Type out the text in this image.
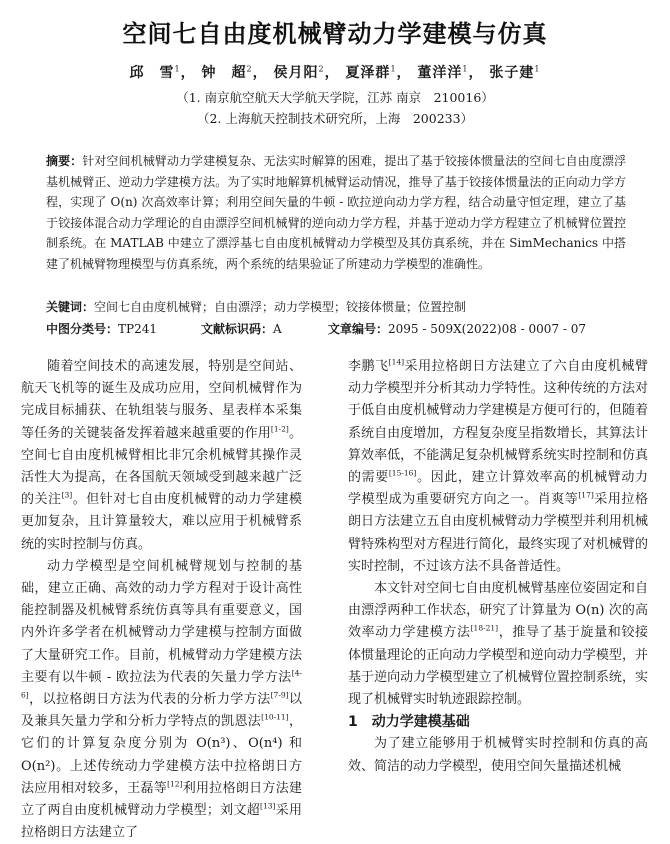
空间七自由度机械臂动力学建模与仿真
邱　雪$^1$， 钟　超$^2$， 侯月阳$^2$， 夏泽群$^1$， 董洋洋$^1$， 张子建$^1$
（1. 南京航空航天大学航天学院，江苏 南京　210016）
（2. 上海航天控制技术研究所，上海　200233）
摘要：针对空间机械臂动力学建模复杂、无法实时解算的困难，提出了基于铰接体惯量法的空间七自由度漂浮基机械臂正、逆动力学建模方法。为了实时地解算机械臂运动情况，推导了基于铰接体惯量法的正向动力学方程，实现了 O(n) 次高效率计算；利用空间矢量的牛顿 - 欧拉逆向动力学方程，结合动量守恒定理，建立了基于铰接体混合动力学理论的自由漂浮空间机械臂的逆向动力学方程，并基于逆动力学方程建立了机械臂位置控制系统。在 MATLAB 中建立了漂浮基七自由度机械臂动力学模型及其仿真系统，并在 SimMechanics 中搭建了机械臂物理模型与仿真系统，两个系统的结果验证了所建动力学模型的准确性。
关键词：空间七自由度机械臂；自由漂浮；动力学模型；铰接体惯量；位置控制
中图分类号：TP241	文献标识码：A	文章编号：2095 - 509X(2022)08 - 0007 - 07

随着空间技术的高速发展，特别是空间站、航天飞机等的诞生及成功应用，空间机械臂作为完成目标捕获、在轨组装与服务、星表样本采集等任务的关键装备发挥着越来越重要的作用[1-2]。空间七自由度机械臂相比非冗余机械臂其操作灵活性大为提高，在各国航天领域受到越来越广泛的关注[3]。但针对七自由度机械臂的动力学建模更加复杂，且计算量较大，难以应用于机械臂系统的实时控制与仿真。

动力学模型是空间机械臂规划与控制的基础，建立正确、高效的动力学方程对于设计高性能控制器及机械臂系统仿真等具有重要意义，国内外许多学者在机械臂动力学建模与控制方面做了大量研究工作。目前，机械臂动力学建模方法主要有以牛顿 - 欧拉法为代表的矢量力学方法[4-6]，以拉格朗日方法为代表的分析力学方法[7-9]以及兼具矢量力学和分析力学特点的凯恩法[10-11]，它们的计算复杂度分别为 O(n³)、O(n⁴) 和 O(n²)。上述传统动力学建模方法中拉格朗日方法应用相对较多，王磊等[12]利用拉格朗日方法建立了两自由度机械臂动力学模型；刘文超[13]采用拉格朗日方法建立了

李鹏飞[14]采用拉格朗日方法建立了六自由度机械臂动力学模型并分析其动力学特性。这种传统的方法对于低自由度机械臂动力学建模是方便可行的，但随着系统自由度增加，方程复杂度呈指数增长，其算法计算效率低，不能满足复杂机械臂系统实时控制和仿真的需要[15-16]。因此，建立计算效率高的机械臂动力学模型成为重要研究方向之一。肖爽等[17]采用拉格朗日方法建立五自由度机械臂动力学模型并利用机械臂特殊构型对方程进行简化，最终实现了对机械臂的实时控制，不过该方法不具备普适性。

本文针对空间七自由度机械臂基座位姿固定和自由漂浮两种工作状态，研究了计算量为 O(n) 次的高效率动力学建模方法[18-21]，推导了基于旋量和铰接体惯量理论的正向动力学模型和逆向动力学模型，并基于逆向动力学模型建立了机械臂位置控制系统，实现了机械臂实时轨迹跟踪控制。

1　动力学建模基础

为了建立能够用于机械臂实时控制和仿真的高效、简洁的动力学模型，使用空间矢量描述机械
